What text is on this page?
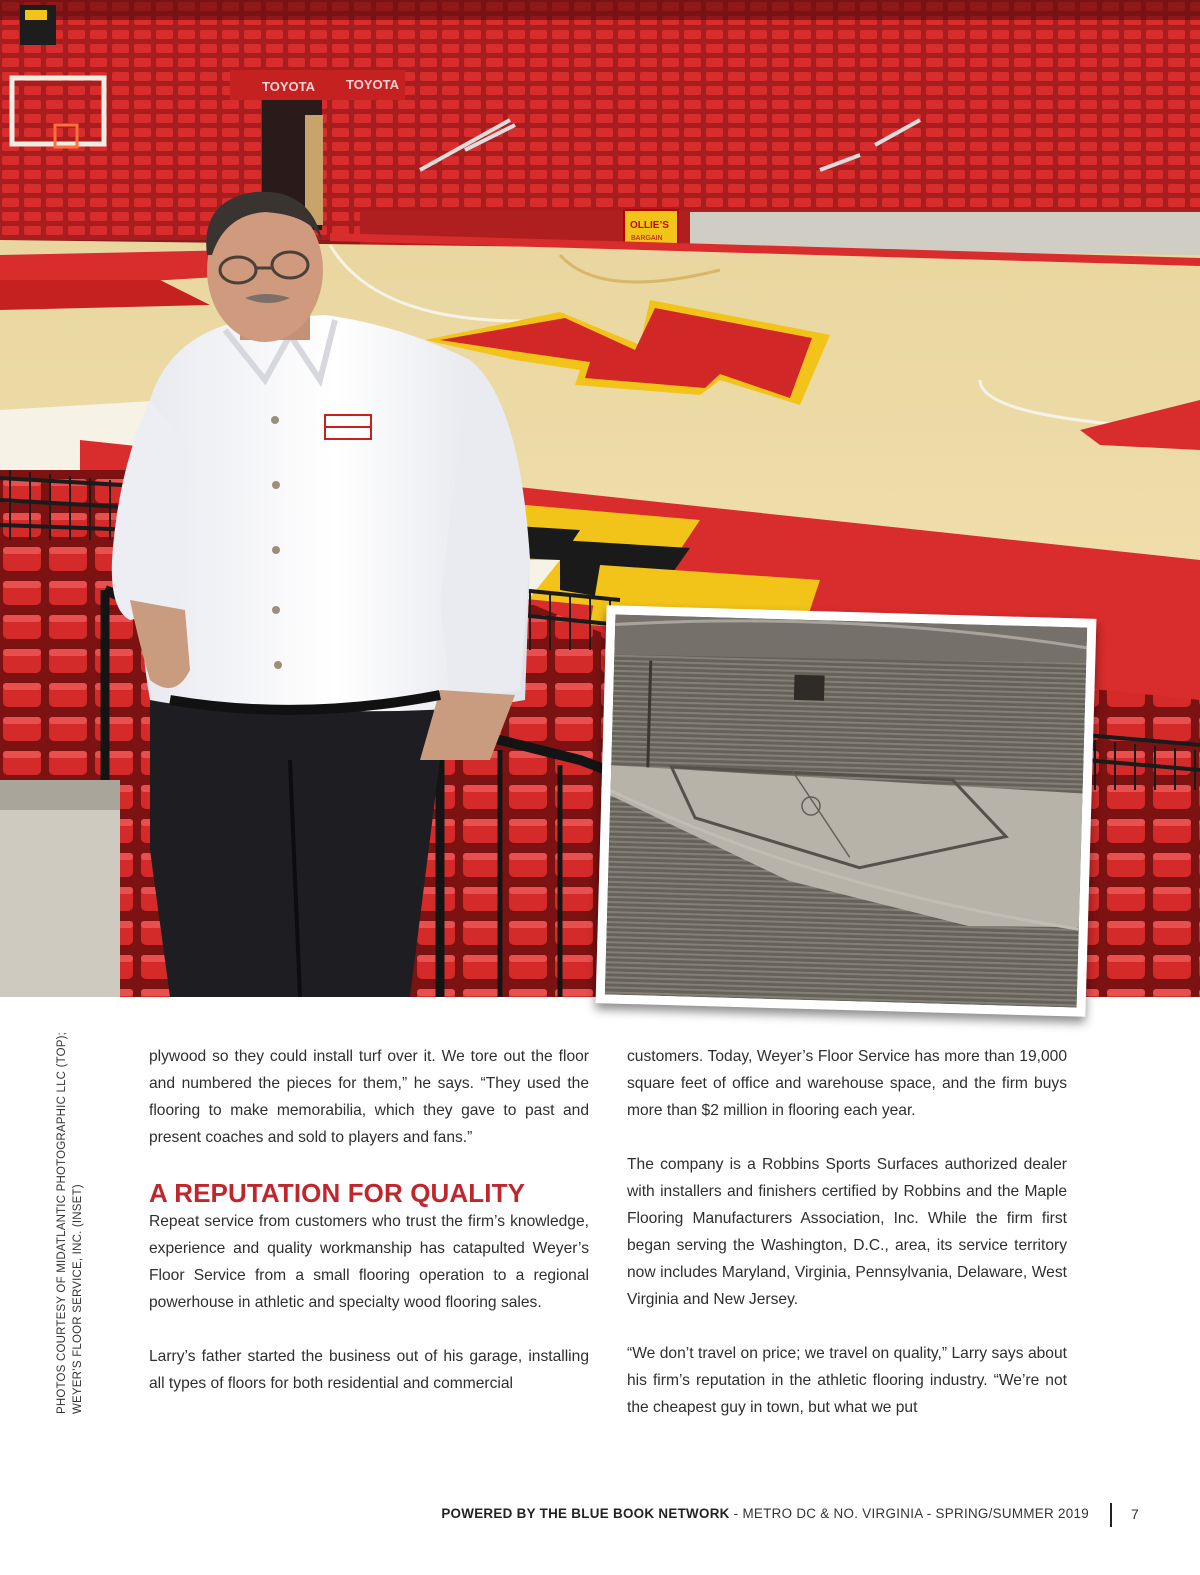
TOYOTA TOYOTA
OLLIE’S
BARGAIN
PHOTOS COURTESY OF MIDATLANTIC PHOTOGRAPHIC LLC (TOP); WEYER’S FLOOR SERVICE, INC. (INSET)

plywood so they could install turf over it. We tore out the floor and numbered the pieces for them,” he says. “They used the flooring to make memorabilia, which they gave to past and present coaches and sold to players and fans.”

A REPUTATION FOR QUALITY

Repeat service from customers who trust the firm’s knowledge, experience and quality workmanship has catapulted Weyer’s Floor Service from a small flooring operation to a regional powerhouse in athletic and specialty wood flooring sales.

Larry’s father started the business out of his garage, installing all types of floors for both residential and commercial

customers. Today, Weyer’s Floor Service has more than 19,000 square feet of office and warehouse space, and the firm buys more than $2 million in flooring each year.

The company is a Robbins Sports Surfaces authorized dealer with installers and finishers certified by Robbins and the Maple Flooring Manufacturers Association, Inc. While the firm first began serving the Washington, D.C., area, its service territory now includes Maryland, Virginia, Pennsylvania, Delaware, West Virginia and New Jersey.

“We don’t travel on price; we travel on quality,” Larry says about his firm’s reputation in the athletic flooring industry. “We’re not the cheapest guy in town, but what we put

POWERED BY THE BLUE BOOK NETWORK - METRO DC & NO. VIRGINIA - SPRING/SUMMER 2019	7
